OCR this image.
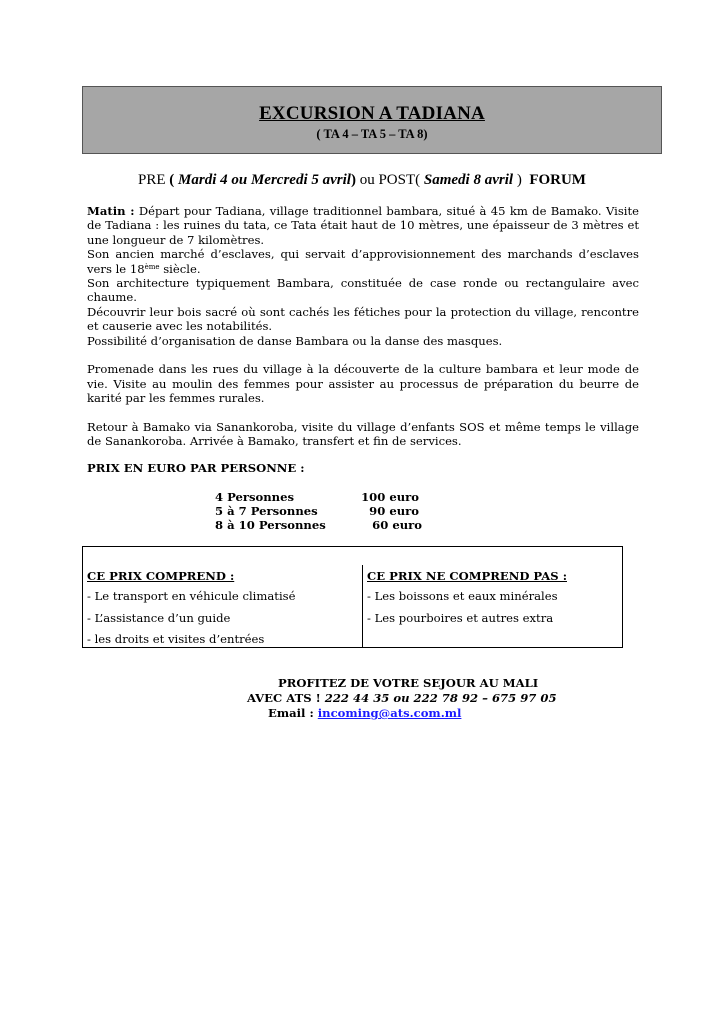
EXCURSION A TADIANA
( TA 4 – TA 5 – TA 8)
PRE ( Mardi 4 ou Mercredi 5 avril) ou POST( Samedi 8 avril ) FORUM

Matin : Départ pour Tadiana, village traditionnel bambara, situé à 45 km de Bamako. Visite de Tadiana : les ruines du tata, ce Tata était haut de 10 mètres, une épaisseur de 3 mètres et une longueur de 7 kilomètres.

Son ancien marché d’esclaves, qui servait d’approvisionnement des marchands d’esclaves vers le 18ème siècle.

Son architecture typiquement Bambara, constituée de case ronde ou rectangulaire avec chaume.

Découvrir leur bois sacré où sont cachés les fétiches pour la protection du village, rencontre et causerie avec les notabilités.

Possibilité d’organisation de danse Bambara ou la danse des masques.

Promenade dans les rues du village à la découverte de la culture bambara et leur mode de vie. Visite au moulin des femmes pour assister au processus de préparation du beurre de karité par les femmes rurales.

Retour à Bamako via Sanankoroba, visite du village d’enfants SOS et même temps le village de Sanankoroba. Arrivée à Bamako, transfert et fin de services.

PRIX EN EURO PAR PERSONNE :
4 Personnes	100 euro
5 à 7 Personnes	90 euro
8 à 10 Personnes	60 euro
CE PRIX COMPREND :
- Le transport en véhicule climatisé
- L’assistance d’un guide
- les droits et visites d’entrées
CE PRIX NE COMPREND PAS :
- Les boissons et eaux minérales
- Les pourboires et autres extra
PROFITEZ DE VOTRE SEJOUR AU MALI
AVEC ATS ! 222 44 35 ou 222 78 92 – 675 97 05
Email : incoming@ats.com.ml
